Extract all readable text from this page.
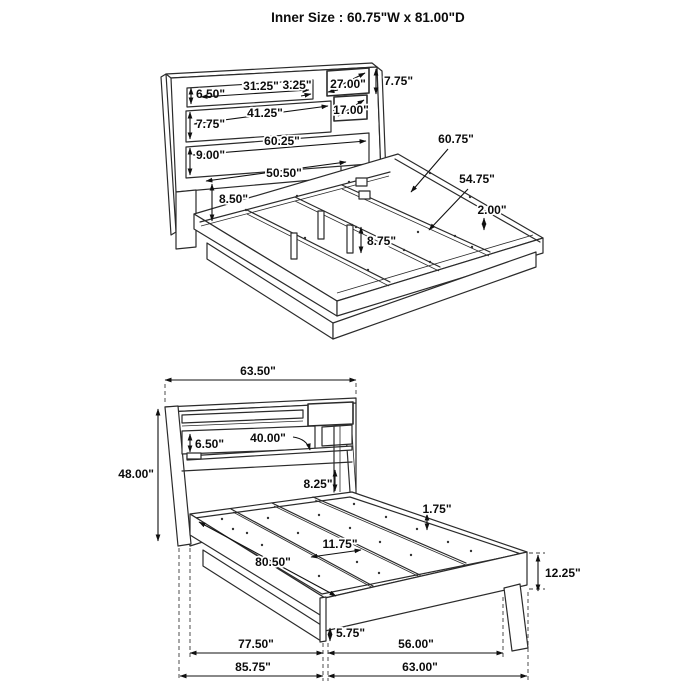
Inner Size : 60.75"W x 81.00"D
6.50"
31.25" 3.25" 27.00" 7.75"
41.25"	17.00"
7.75"
60.25"
9.00"
50.50"
8.50"
60.75"
54.75"
2.00"
8.75"
63.50"
48.00"
40.00"
6.50"
8.25"
1.75"
11.75"
80.50"
12.25"
5.75"
77.50"	56.00"
85.75"	63.00"
